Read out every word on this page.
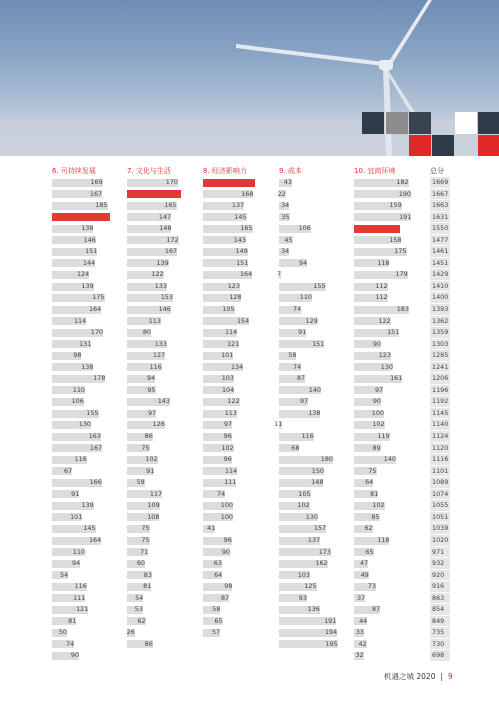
6. 可持续发展
169
167
185
193
138
146
151
144
124
139
175
164
114
170
131
98
138
178
110
106
155
130
163
167
116
67
166
91
139
101
145
164
110
94
54
116
111
121
81
50
74
90
7. 文化与生活
170
180
165
147
148
172
167
139
122
133
153
146
113
80
133
127
116
94
95
143
97
126
86
75
102
91
59
117
109
108
75
75
71
60
83
81
54
53
62
26
86
8. 经济影响力
172
168
137
145
165
143
149
151
164
123
128
105
154
114
121
101
134
103
104
122
113
97
96
102
96
114
111
74
100
100
41
96
90
63
64
98
87
58
65
57
9. 成本
43
22
34
35
106
45
34
94
7
155
110
74
129
91
151
58
74
87
140
97
138
11
116
68
180
150
148
105
102
130
157
137
173
162
103
125
93
136
191
194
195
10. 宜商环境
182
190
159
191
153
158
175
118
179
112
112
183
122
151
90
123
130
161
97
90
100
102
119
89
140
75
64
81
102
85
62
118
65
47
49
73
37
87
44
33
42
32
总分
1669
1667
1663
1631
1550
1477
1461
1451
1429
1410
1400
1393
1362
1359
1303
1285
1241
1206
1196
1192
1145
1140
1124
1120
1116
1101
1089
1074
1055
1051
1039
1020
971
932
920
916
863
854
849
735
730
698
机遇之城 2020 | 9
